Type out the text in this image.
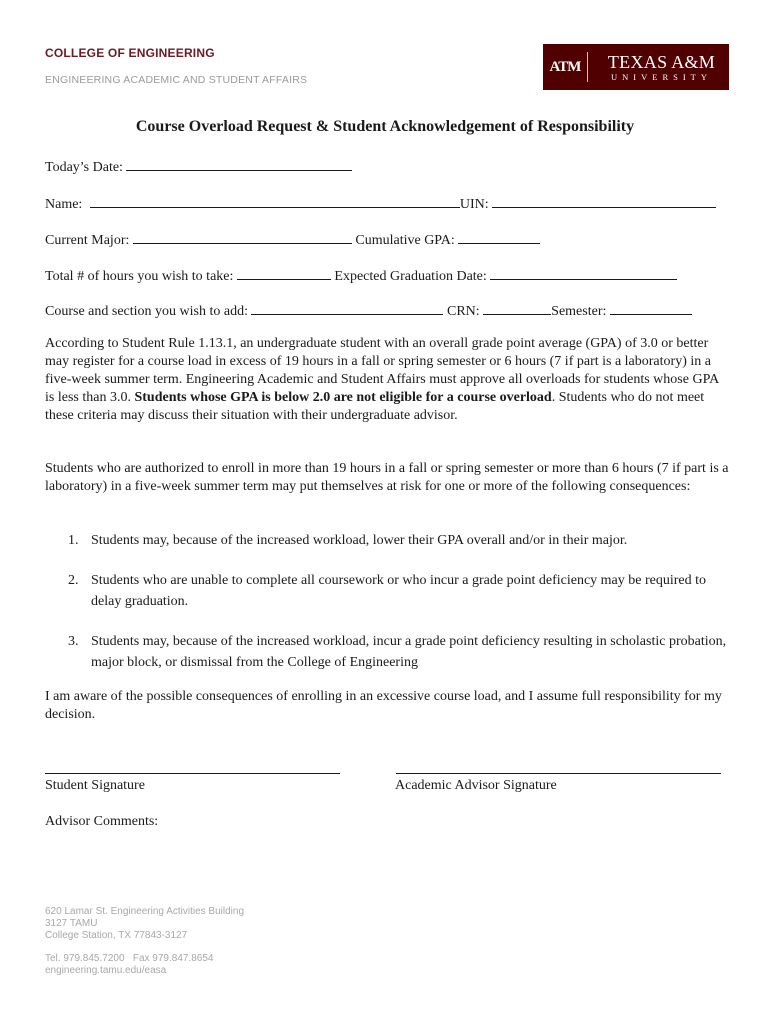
COLLEGE OF ENGINEERING
ENGINEERING ACADEMIC AND STUDENT AFFAIRS
ATM	TEXAS A&M
UNIVERSITY
Course Overload Request & Student Acknowledgement of Responsibility
Today’s Date:
Name:	UIN:
Current Major:	Cumulative GPA:
Total # of hours you wish to take:	Expected Graduation Date:
Course and section you wish to add:	CRN:	Semester:
According to Student Rule 1.13.1, an undergraduate student with an overall grade point average (GPA) of 3.0 or better may register for a course load in excess of 19 hours in a fall or spring semester or 6 hours (7 if part is a laboratory) in a five-week summer term. Engineering Academic and Student Affairs must approve all overloads for students whose GPA is less than 3.0. Students whose GPA is below 2.0 are not eligible for a course overload. Students who do not meet these criteria may discuss their situation with their undergraduate advisor.
Students who are authorized to enroll in more than 19 hours in a fall or spring semester or more than 6 hours (7 if part is a laboratory) in a five-week summer term may put themselves at risk for one or more of the following consequences:
1. Students may, because of the increased workload, lower their GPA overall and/or in their major.
2. Students who are unable to complete all coursework or who incur a grade point deficiency may be required to delay graduation.
3. Students may, because of the increased workload, incur a grade point deficiency resulting in scholastic probation, major block, or dismissal from the College of Engineering
I am aware of the possible consequences of enrolling in an excessive course load, and I assume full responsibility for my decision.
Student Signature	Academic Advisor Signature
Advisor Comments:
620 Lamar St. Engineering Activities Building
3127 TAMU
College Station, TX 77843-3127
Tel. 979.845.7200   Fax 979.847.8654
engineering.tamu.edu/easa
